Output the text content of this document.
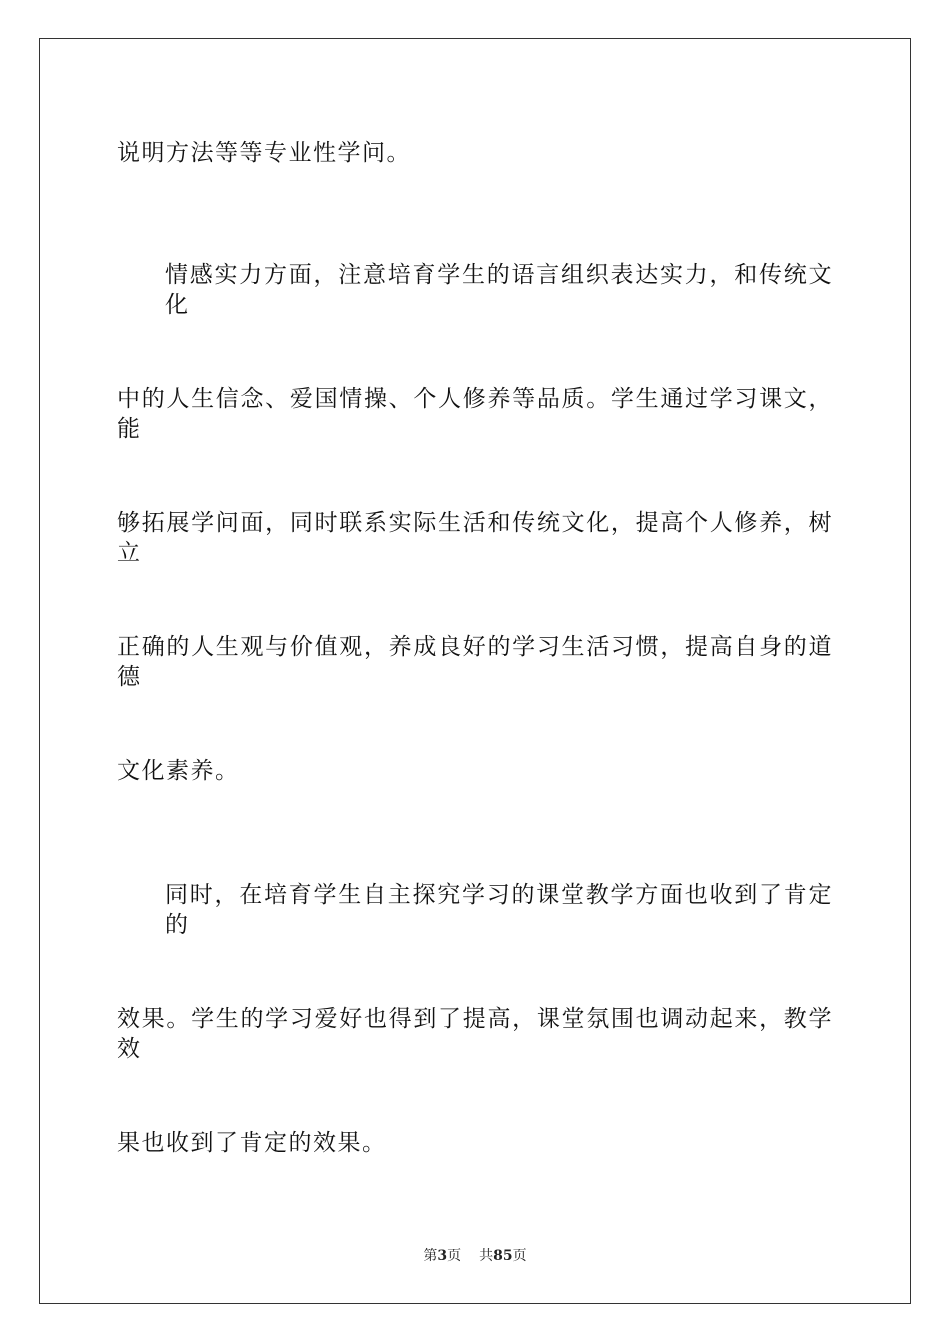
说明方法等等专业性学问。
情感实力方面，注意培育学生的语言组织表达实力，和传统文化
中的人生信念、爱国情操、个人修养等品质。学生通过学习课文，能
够拓展学问面，同时联系实际生活和传统文化，提高个人修养，树立
正确的人生观与价值观，养成良好的学习生活习惯，提高自身的道德
文化素养。
同时，在培育学生自主探究学习的课堂教学方面也收到了肯定的
效果。学生的学习爱好也得到了提高，课堂氛围也调动起来，教学效
果也收到了肯定的效果。
第3页 共85页
